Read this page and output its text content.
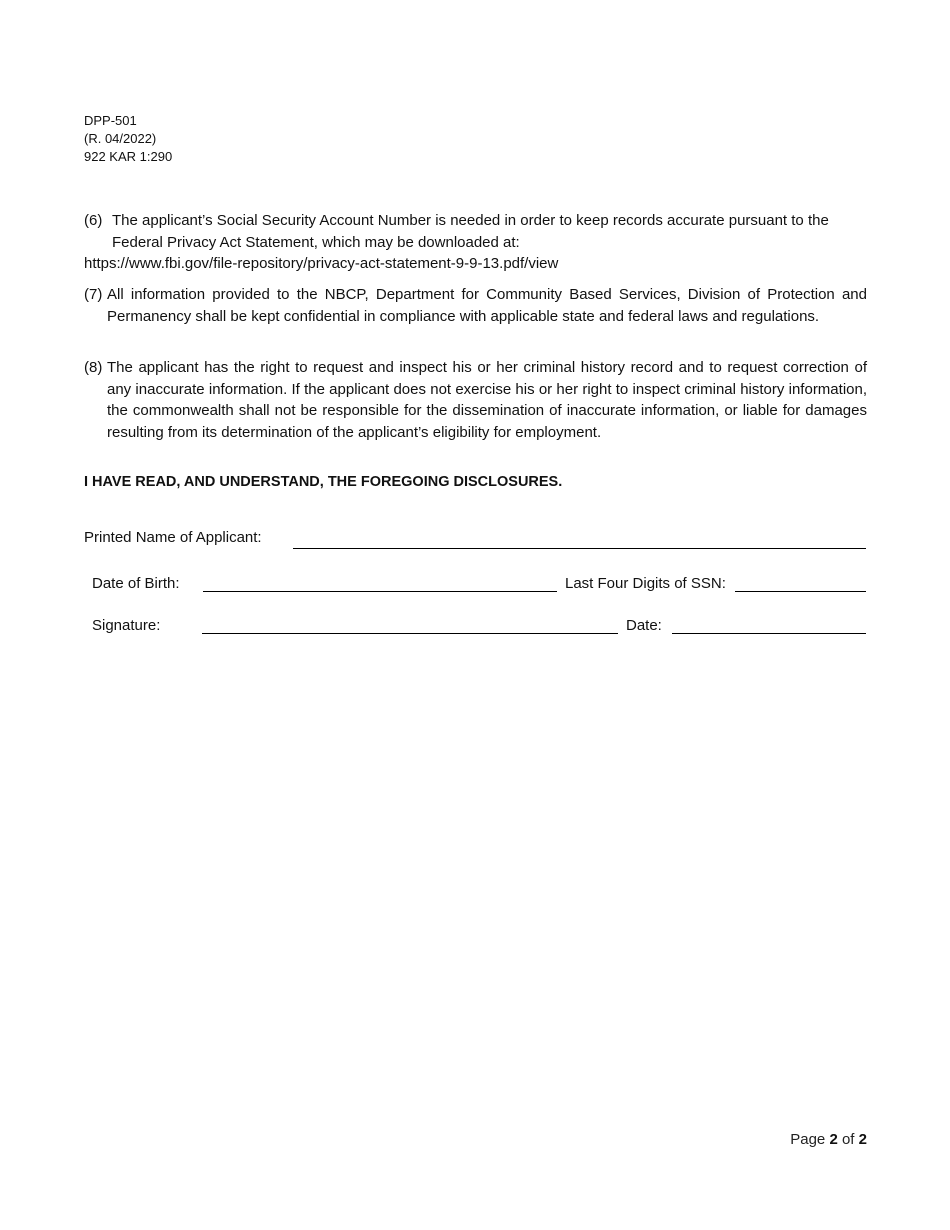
DPP-501
(R. 04/2022)
922 KAR 1:290
(6) The applicant’s Social Security Account Number is needed in order to keep records accurate pursuant to the Federal Privacy Act Statement, which may be downloaded at:
https://www.fbi.gov/file-repository/privacy-act-statement-9-9-13.pdf/view
(7) All information provided to the NBCP, Department for Community Based Services, Division of Protection and Permanency shall be kept confidential in compliance with applicable state and federal laws and regulations.
(8) The applicant has the right to request and inspect his or her criminal history record and to request correction of any inaccurate information. If the applicant does not exercise his or her right to inspect criminal history information, the commonwealth shall not be responsible for the dissemination of inaccurate information, or liable for damages resulting from its determination of the applicant’s eligibility for employment.
I HAVE READ, AND UNDERSTAND, THE FOREGOING DISCLOSURES.
Printed Name of Applicant:
Date of Birth:	Last Four Digits of SSN:
Signature:	Date:
Page 2 of 2
